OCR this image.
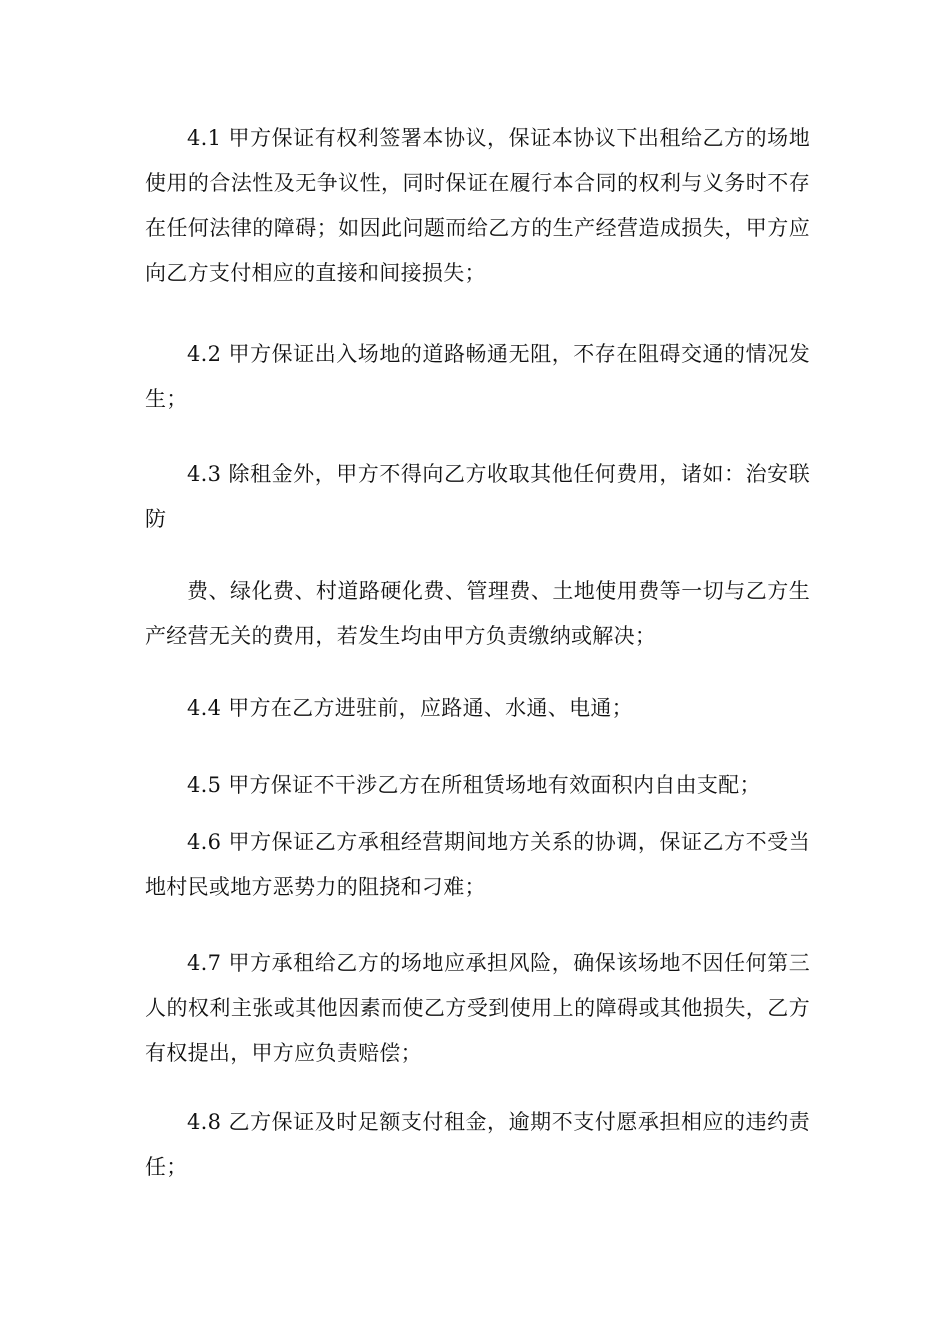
4.1 甲方保证有权利签署本协议，保证本协议下出租给乙方的场地使用的合法性及无争议性，同时保证在履行本合同的权利与义务时不存在任何法律的障碍；如因此问题而给乙方的生产经营造成损失，甲方应向乙方支付相应的直接和间接损失；

4.2 甲方保证出入场地的道路畅通无阻，不存在阻碍交通的情况发生；

4.3 除租金外，甲方不得向乙方收取其他任何费用，诸如：治安联防

费、绿化费、村道路硬化费、管理费、土地使用费等一切与乙方生产经营无关的费用，若发生均由甲方负责缴纳或解决；

4.4 甲方在乙方进驻前，应路通、水通、电通；

4.5 甲方保证不干涉乙方在所租赁场地有效面积内自由支配；

4.6 甲方保证乙方承租经营期间地方关系的协调，保证乙方不受当地村民或地方恶势力的阻挠和刁难；

4.7 甲方承租给乙方的场地应承担风险，确保该场地不因任何第三人的权利主张或其他因素而使乙方受到使用上的障碍或其他损失，乙方有权提出，甲方应负责赔偿；

4.8 乙方保证及时足额支付租金，逾期不支付愿承担相应的违约责任；
